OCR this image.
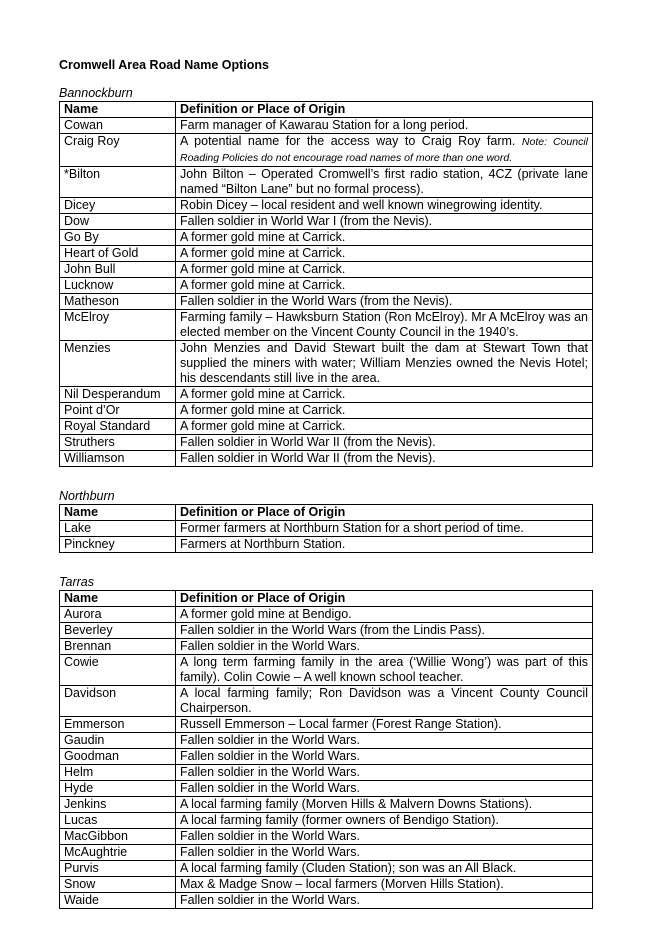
Cromwell Area Road Name Options
Bannockburn
Name	Definition or Place of Origin
Cowan	Farm manager of Kawarau Station for a long period.
Craig Roy	A potential name for the access way to Craig Roy farm. Note: Council Roading Policies do not encourage road names of more than one word.
*Bilton	John Bilton – Operated Cromwell’s first radio station, 4CZ (private lane named “Bilton Lane” but no formal process).
Dicey	Robin Dicey – local resident and well known winegrowing identity.
Dow	Fallen soldier in World War I (from the Nevis).
Go By	A former gold mine at Carrick.
Heart of Gold	A former gold mine at Carrick.
John Bull	A former gold mine at Carrick.
Lucknow	A former gold mine at Carrick.
Matheson	Fallen soldier in the World Wars (from the Nevis).
McElroy	Farming family – Hawksburn Station (Ron McElroy). Mr A McElroy was an elected member on the Vincent County Council in the 1940’s.
Menzies	John Menzies and David Stewart built the dam at Stewart Town that supplied the miners with water; William Menzies owned the Nevis Hotel; his descendants still live in the area.
Nil Desperandum	A former gold mine at Carrick.
Point d’Or	A former gold mine at Carrick.
Royal Standard	A former gold mine at Carrick.
Struthers	Fallen soldier in World War II (from the Nevis).
Williamson	Fallen soldier in World War II (from the Nevis).
Northburn
Name	Definition or Place of Origin
Lake	Former farmers at Northburn Station for a short period of time.
Pinckney	Farmers at Northburn Station.
Tarras
Name	Definition or Place of Origin
Aurora	A former gold mine at Bendigo.
Beverley	Fallen soldier in the World Wars (from the Lindis Pass).
Brennan	Fallen soldier in the World Wars.
Cowie	A long term farming family in the area (‘Willie Wong’) was part of this family). Colin Cowie – A well known school teacher.
Davidson	A local farming family; Ron Davidson was a Vincent County Council Chairperson.
Emmerson	Russell Emmerson – Local farmer (Forest Range Station).
Gaudin	Fallen soldier in the World Wars.
Goodman	Fallen soldier in the World Wars.
Helm	Fallen soldier in the World Wars.
Hyde	Fallen soldier in the World Wars.
Jenkins	A local farming family (Morven Hills & Malvern Downs Stations).
Lucas	A local farming family (former owners of Bendigo Station).
MacGibbon	Fallen soldier in the World Wars.
McAughtrie	Fallen soldier in the World Wars.
Purvis	A local farming family (Cluden Station); son was an All Black.
Snow	Max & Madge Snow – local farmers (Morven Hills Station).
Waide	Fallen soldier in the World Wars.
